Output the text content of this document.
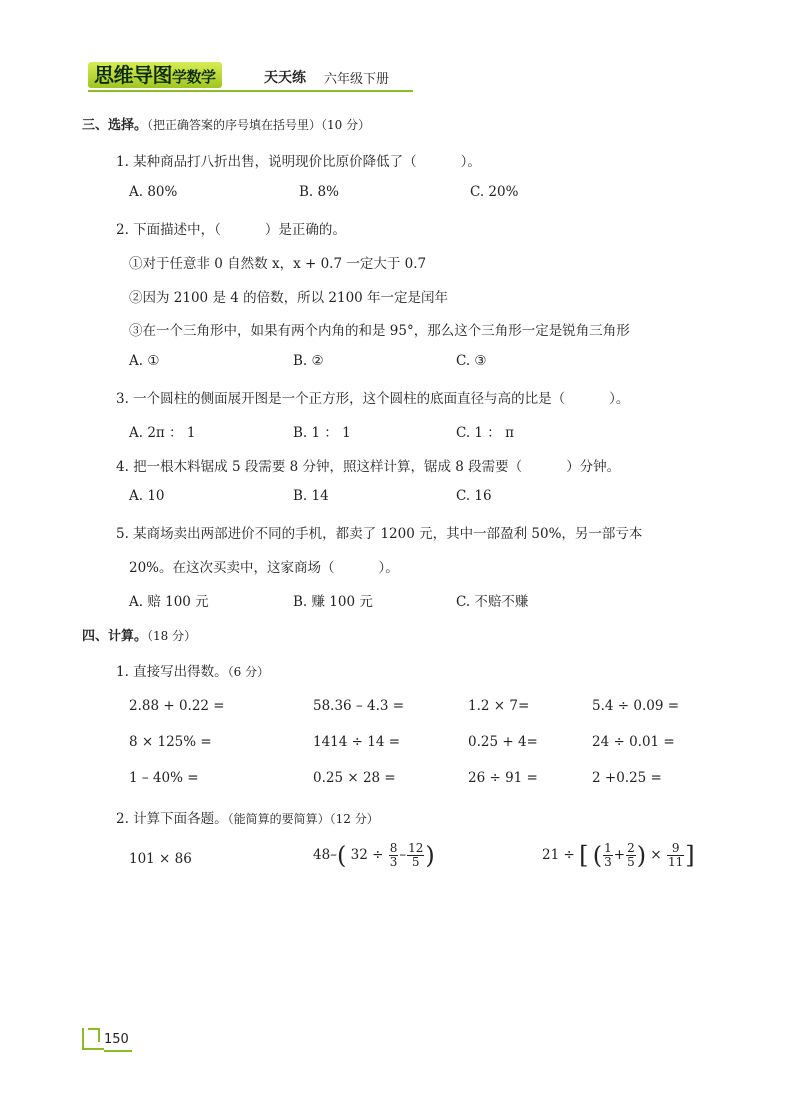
思维导图学数学	天天练 六年级下册
三、选择。（把正确答案的序号填在括号里）（10 分）
1. 某种商品打八折出售，说明现价比原价降低了（	）。
A. 80%	B. 8%	C. 20%
2. 下面描述中，（	）是正确的。
①对于任意非 0 自然数 x，x + 0.7 一定大于 0.7
②因为 2100 是 4 的倍数，所以 2100 年一定是闰年
③在一个三角形中，如果有两个内角的和是 95°，那么这个三角形一定是锐角三角形
A. ①	B. ②	C. ③
3. 一个圆柱的侧面展开图是一个正方形，这个圆柱的底面直径与高的比是（	）。
A. 2π ： 1	B. 1 ： 1	C. 1 ： π
4. 把一根木料锯成 5 段需要 8 分钟，照这样计算，锯成 8 段需要（	）分钟。
A. 10	B. 14	C. 16
5. 某商场卖出两部进价不同的手机，都卖了 1200 元，其中一部盈利 50%，另一部亏本
20%。在这次买卖中，这家商场（	）。
A. 赔 100 元	B. 赚 100 元	C. 不赔不赚
四、计算。（18 分）
1. 直接写出得数。（6 分）
2.88 + 0.22 =	58.36 – 4.3 =	1.2 × 7=	5.4 ÷ 0.09 =
8 × 125% =	1414 ÷ 14 =	0.25 + 4=	24 ÷ 0.01 =
1 – 40% =	0.25 × 28 =	26 ÷ 91 =	2 +0.25 =
2. 计算下面各题。（能简算的要简算）（12 分）
101 × 86	48–( $32 \div \frac{8}{3} - \frac{12}{5}$ )	21 ÷ [ ( $\frac{1}{3} + \frac{2}{5}$ ) × $\frac{9}{11}$ ]
150
